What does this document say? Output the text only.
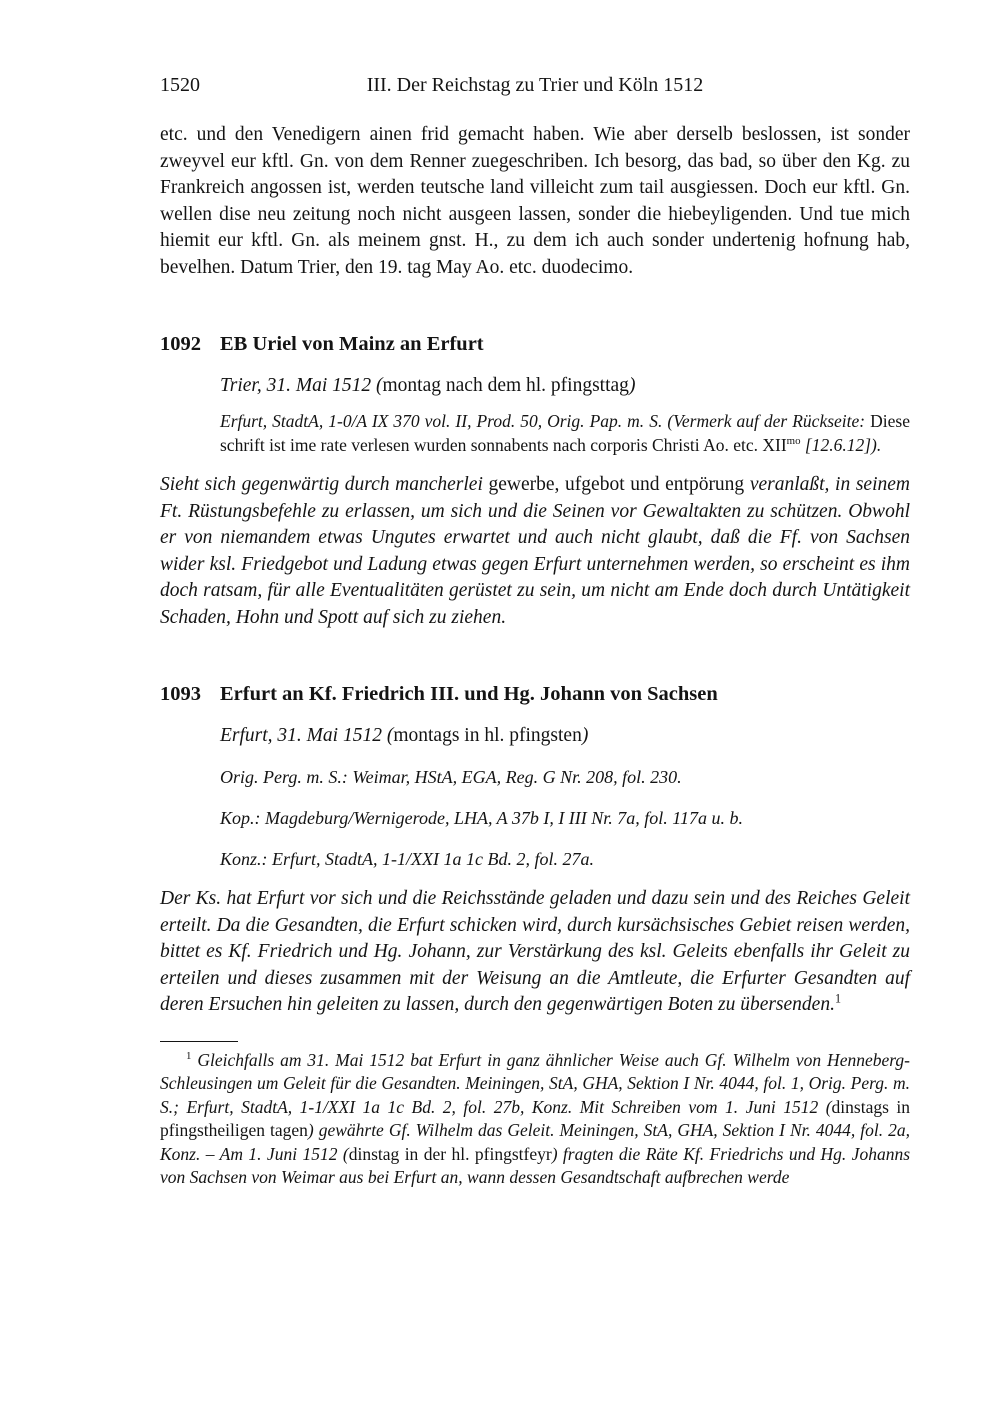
1520	III. Der Reichstag zu Trier und Köln 1512

etc. und den Venedigern ainen frid gemacht haben. Wie aber derselb beslossen, ist sonder zweyvel eur kftl. Gn. von dem Renner zuegeschriben. Ich besorg, das bad, so über den Kg. zu Frankreich angossen ist, werden teutsche land villeicht zum tail ausgiessen. Doch eur kftl. Gn. wellen dise neu zeitung noch nicht ausgeen lassen, sonder die hiebeyligenden. Und tue mich hiemit eur kftl. Gn. als meinem gnst. H., zu dem ich auch sonder undertenig hofnung hab, bevelhen. Datum Trier, den 19. tag May Ao. etc. duodecimo.

1092 EB Uriel von Mainz an Erfurt

Trier, 31. Mai 1512 (montag nach dem hl. pfingsttag)

Erfurt, StadtA, 1-0/A IX 370 vol. II, Prod. 50, Orig. Pap. m. S. (Vermerk auf der Rückseite: Diese schrift ist ime rate verlesen wurden sonnabents nach corporis Christi Ao. etc. $XII^{mo}$ [12.6.12]).

Sieht sich gegenwärtig durch mancherlei gewerbe, ufgebot und entpörung veranlaßt, in seinem Ft. Rüstungsbefehle zu erlassen, um sich und die Seinen vor Gewaltakten zu schützen. Obwohl er von niemandem etwas Ungutes erwartet und auch nicht glaubt, daß die Ff. von Sachsen wider ksl. Friedgebot und Ladung etwas gegen Erfurt unternehmen werden, so erscheint es ihm doch ratsam, für alle Eventualitäten gerüstet zu sein, um nicht am Ende doch durch Untätigkeit Schaden, Hohn und Spott auf sich zu ziehen.

1093 Erfurt an Kf. Friedrich III. und Hg. Johann von Sachsen

Erfurt, 31. Mai 1512 (montags in hl. pfingsten)

Orig. Perg. m. S.: Weimar, HStA, EGA, Reg. G Nr. 208, fol. 230.

Kop.: Magdeburg/Wernigerode, LHA, A 37b I, I III Nr. 7a, fol. 117a u. b.

Konz.: Erfurt, StadtA, 1-1/XXI 1a 1c Bd. 2, fol. 27a.

Der Ks. hat Erfurt vor sich und die Reichsstände geladen und dazu sein und des Reiches Geleit erteilt. Da die Gesandten, die Erfurt schicken wird, durch kursächsisches Gebiet reisen werden, bittet es Kf. Friedrich und Hg. Johann, zur Verstärkung des ksl. Geleits ebenfalls ihr Geleit zu erteilen und dieses zusammen mit der Weisung an die Amtleute, die Erfurter Gesandten auf deren Ersuchen hin geleiten zu lassen, durch den gegenwärtigen Boten zu übersenden.$^1$

$^1$ Gleichfalls am 31. Mai 1512 bat Erfurt in ganz ähnlicher Weise auch Gf. Wilhelm von Henneberg-Schleusingen um Geleit für die Gesandten. Meiningen, StA, GHA, Sektion I Nr. 4044, fol. 1, Orig. Perg. m. S.; Erfurt, StadtA, 1-1/XXI 1a 1c Bd. 2, fol. 27b, Konz. Mit Schreiben vom 1. Juni 1512 (dinstags in pfingstheiligen tagen) gewährte Gf. Wilhelm das Geleit. Meiningen, StA, GHA, Sektion I Nr. 4044, fol. 2a, Konz. – Am 1. Juni 1512 (dinstag in der hl. pfingstfeyr) fragten die Räte Kf. Friedrichs und Hg. Johanns von Sachsen von Weimar aus bei Erfurt an, wann dessen Gesandtschaft aufbrechen werde
